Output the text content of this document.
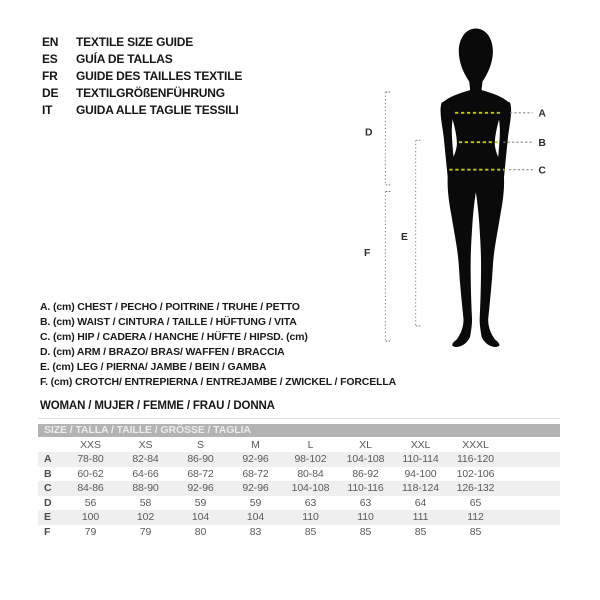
EN	TEXTILE SIZE GUIDE
ES	GUÍA DE TALLAS
FR	GUIDE DES TAILLES TEXTILE
DE	TEXTILGRÖßENFÜHRUNG
IT	GUIDA ALLE TAGLIE TESSILI	A
B
C
D
E
F
A. (cm) CHEST / PECHO / POITRINE / TRUHE / PETTO
B. (cm) WAIST / CINTURA / TAILLE / HÜFTUNG / VITA
C. (cm) HIP / CADERA / HANCHE / HÜFTE / HIPSD. (cm)
D. (cm) ARM / BRAZO/ BRAS/ WAFFEN / BRACCIA
E. (cm) LEG / PIERNA/ JAMBE / BEIN / GAMBA
F. (cm) CROTCH/ ENTREPIERNA / ENTREJAMBE / ZWICKEL / FORCELLA
WOMAN / MUJER / FEMME / FRAU / DONNA
SIZE / TALLA / TAILLE / GRÖSSE / TAGLIA
XXS	XS	S	M	L	XL	XXL	XXXL
A	78-80	82-84	86-90	92-96	98-102	104-108	110-114	116-120
B	60-62	64-66	68-72	68-72	80-84	86-92	94-100	102-106
C	84-86	88-90	92-96	92-96	104-108	110-116	118-124	126-132
D	56	58	59	59	63	63	64	65
E	100	102	104	104	110	110	111	112
F	79	79	80	83	85	85	85	85
